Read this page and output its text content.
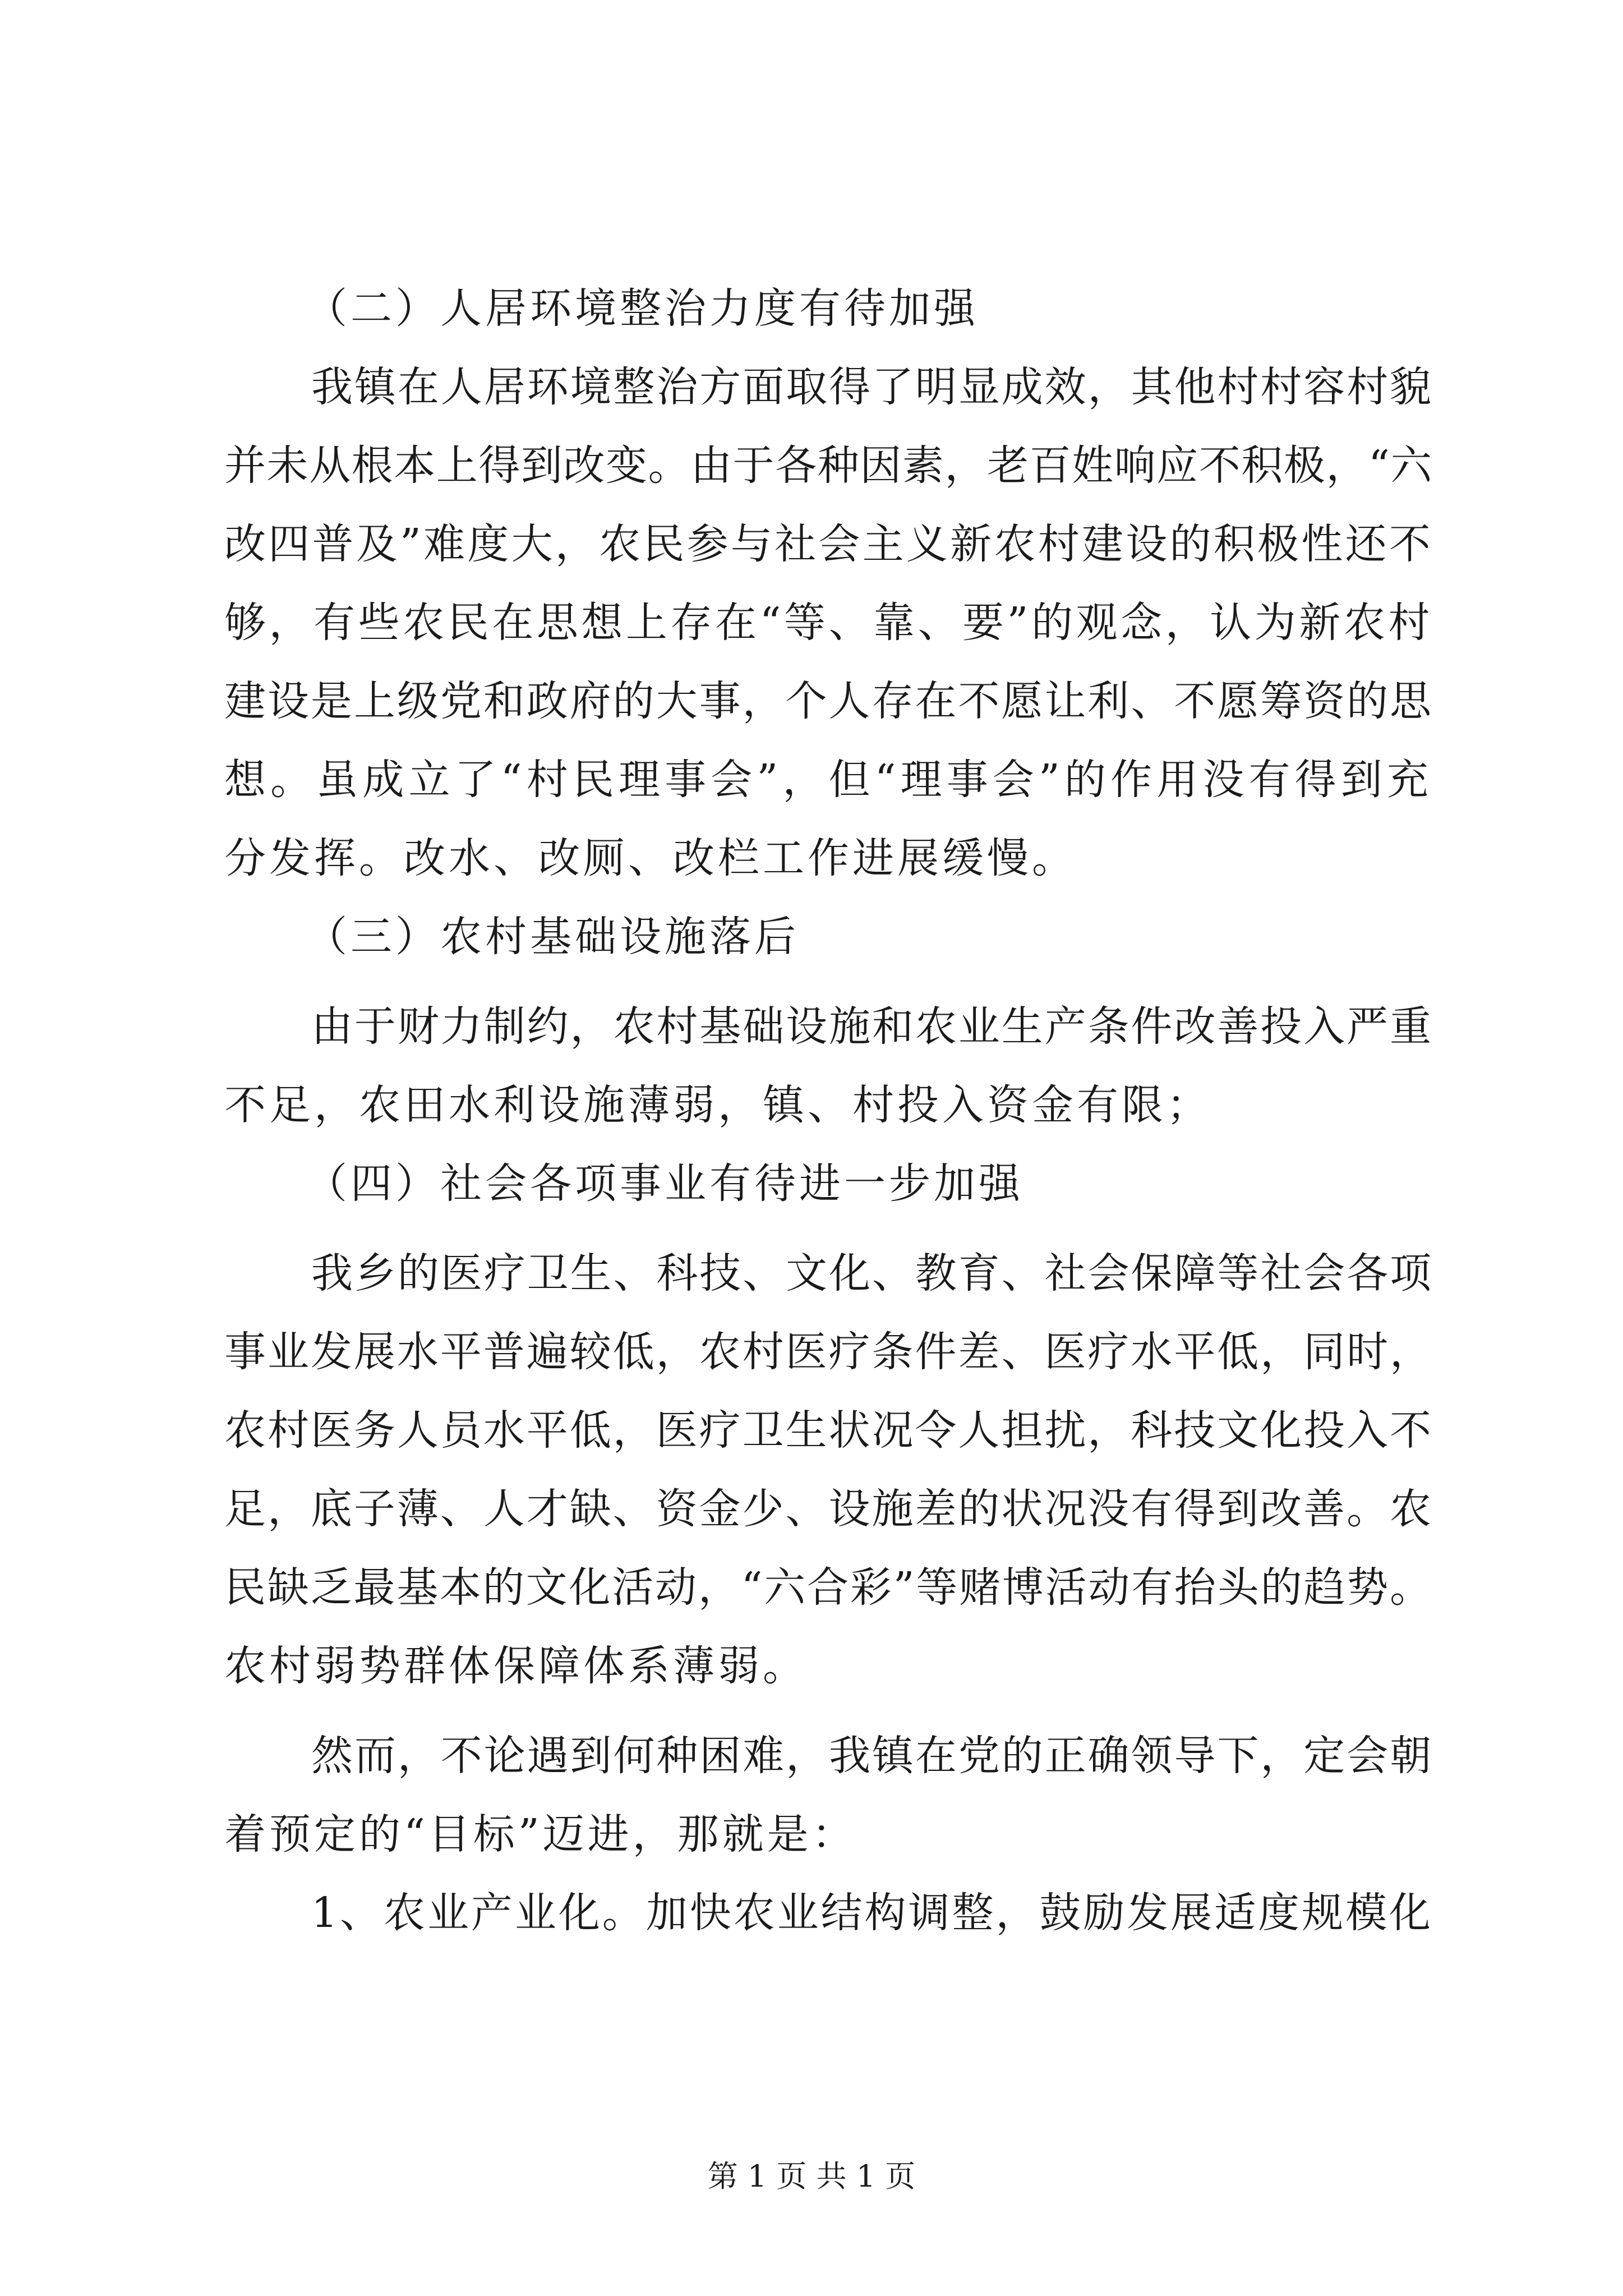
（二）人居环境整治力度有待加强
我镇在人居环境整治方面取得了明显成效，其他村村容村貌
并未从根本上得到改变。由于各种因素，老百姓响应不积极，“六
改四普及”难度大，农民参与社会主义新农村建设的积极性还不
够，有些农民在思想上存在“等、靠、要”的观念，认为新农村
建设是上级党和政府的大事，个人存在不愿让利、不愿筹资的思
想。虽成立了“村民理事会”，但“理事会”的作用没有得到充
分发挥。改水、改厕、改栏工作进展缓慢。
（三）农村基础设施落后
由于财力制约，农村基础设施和农业生产条件改善投入严重
不足，农田水利设施薄弱，镇、村投入资金有限；
（四）社会各项事业有待进一步加强
我乡的医疗卫生、科技、文化、教育、社会保障等社会各项
事业发展水平普遍较低，农村医疗条件差、医疗水平低，同时，
农村医务人员水平低，医疗卫生状况令人担扰，科技文化投入不
足，底子薄、人才缺、资金少、设施差的状况没有得到改善。农
民缺乏最基本的文化活动，“六合彩”等赌博活动有抬头的趋势。
农村弱势群体保障体系薄弱。
然而，不论遇到何种困难，我镇在党的正确领导下，定会朝
着预定的“目标”迈进，那就是：
1、农业产业化。加快农业结构调整，鼓励发展适度规模化
第 1 页 共 1 页
